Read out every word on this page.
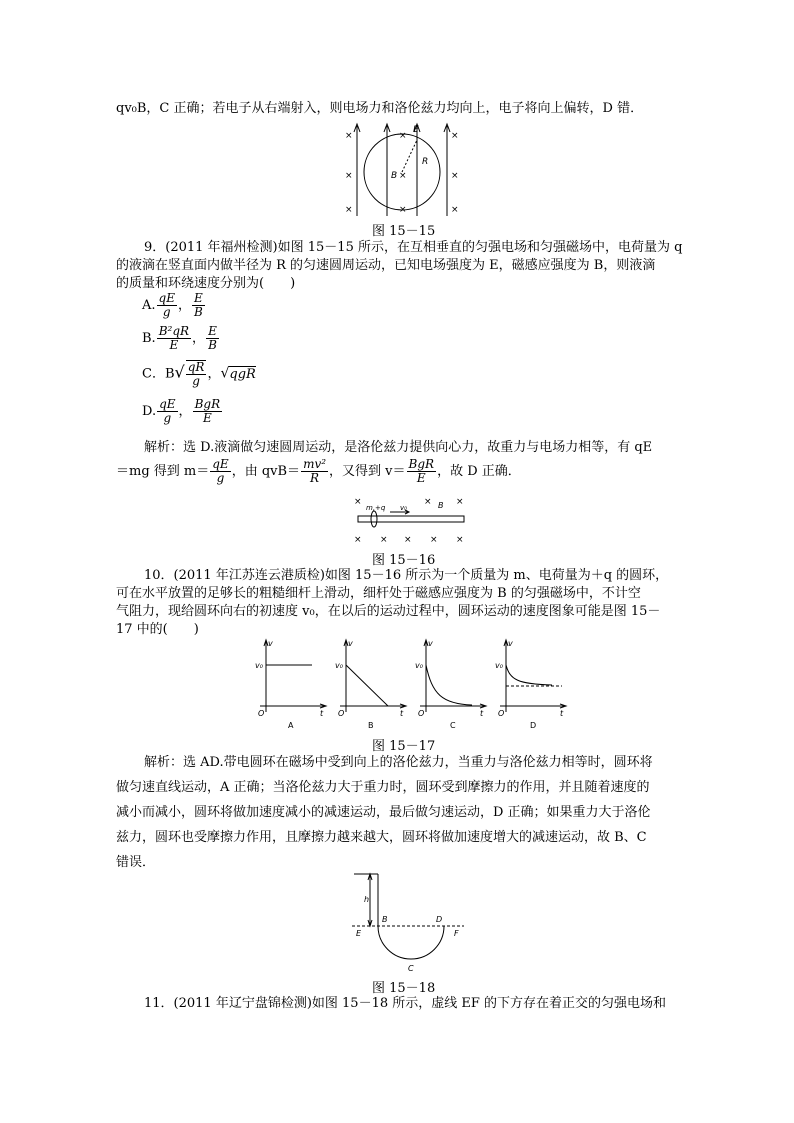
qv₀B，C 正确；若电子从右端射入，则电场力和洛伦兹力均向上，电子将向上偏转，D 错．
×	×	×
×	×	×
×	×	×
E
R
B
图 15－15
9．(2011 年福州检测)如图 15－15 所示，在互相垂直的匀强电场和匀强磁场中，电荷量为 q
的液滴在竖直面内做半径为 R 的匀速圆周运动，已知电场强度为 E，磁感应强度为 B，则液滴
的质量和环绕速度分别为(　　)
A. $\frac{qE}{g}$ ， $\frac{E}{B}$
B. $\frac{\text{B²qR}}{E}$ ， $\frac{E}{B}$
C．$B√ \frac{qR}{g}$ ，√qgR
D. $\frac{qE}{g}$ ， $\frac{\text{BgR}}{E}$
解析：选 D.液滴做匀速圆周运动，是洛伦兹力提供向心力，故重力与电场力相等，有 qE
＝mg 得到 $m= \frac{qE}{g}$ ，由 $qvB= \frac{\text{mv²}}{R}$ ，又得到 $v= \frac{\text{BgR}}{E}$ ，故 D 正确．
×	×	×
× × × × ×
m,+q v₀	B
图 15－16
10．(2011 年江苏连云港质检)如图 15－16 所示为一个质量为 m、电荷量为＋q 的圆环，
可在水平放置的足够长的粗糙细杆上滑动，细杆处于磁感应强度为 B 的匀强磁场中，不计空
气阻力，现给圆环向右的初速度 v₀，在以后的运动过程中，圆环运动的速度图象可能是图 15－
17 中的(　　)
v
v₀
O	t
v
v₀
O	t
v
v₀
O	t
v
v₀
O	t
A	B	C	D
图 15－17
解析：选 AD.带电圆环在磁场中受到向上的洛伦兹力，当重力与洛伦兹力相等时，圆环将
做匀速直线运动，A 正确；当洛伦兹力大于重力时，圆环受到摩擦力的作用，并且随着速度的
减小而减小，圆环将做加速度减小的减速运动，最后做匀速运动，D 正确；如果重力大于洛伦
兹力，圆环也受摩擦力作用，且摩擦力越来越大，圆环将做加速度增大的减速运动，故 B、C
错误．
h
B	D
E	F
C
图 15－18
11．(2011 年辽宁盘锦检测)如图 15－18 所示，虚线 EF 的下方存在着正交的匀强电场和
